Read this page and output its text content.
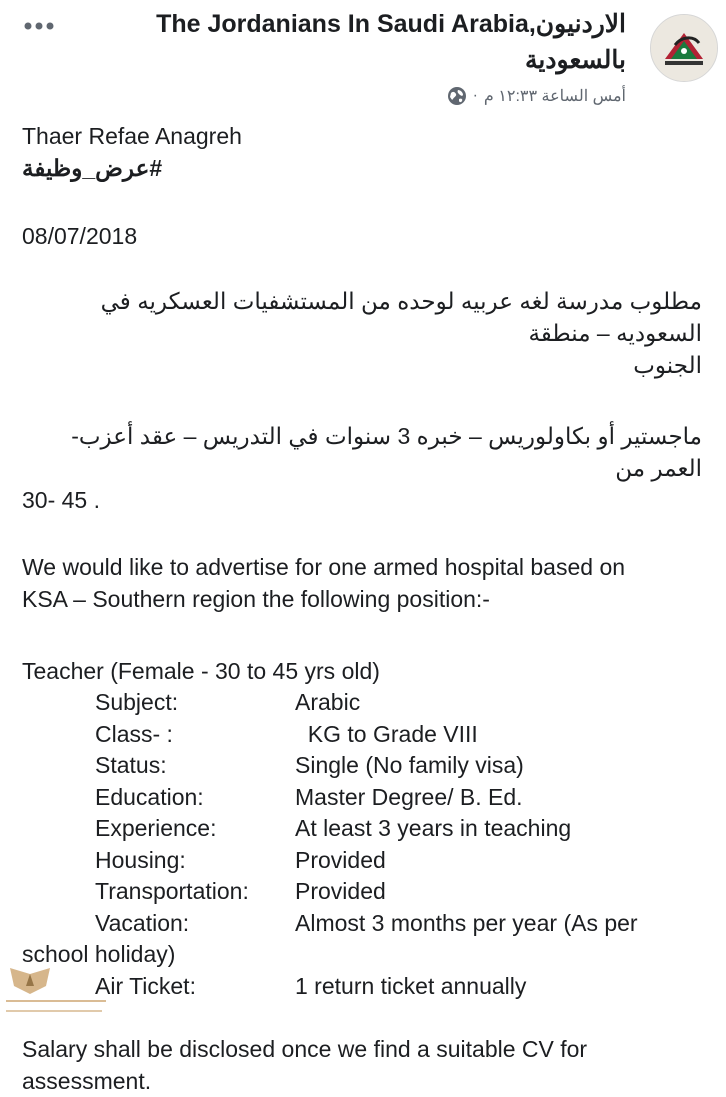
الاردنيون,The Jordanians In Saudi Arabia
بالسعودية
أمس الساعة ١٢:٣٣ م
·

Thaer Refae Anagreh

#عرض_وظيفة

08/07/2018

مطلوب مدرسة لغه عربيه لوحده من المستشفيات العسكريه في السعوديه – منطقة

الجنوب

ماجستير أو بكاولوريس – خبره 3 سنوات في التدريس – عقد أعزب- العمر من

30- 45 .

We would like to advertise for one armed hospital based on

KSA – Southern region the following position:-

Teacher (Female - 30 to 45 yrs old)

Subject:	Arabic
Class- :	KG to Grade VIII
Status:	Single (No family visa)
Education:	Master Degree/ B. Ed.
Experience:	At least 3 years in teaching
Housing:	Provided
Transportation:	Provided
Vacation:	Almost 3 months per year (As per
school holiday)
Air Ticket:	1 return ticket annually

Salary shall be disclosed once we find a suitable CV for

assessment.
